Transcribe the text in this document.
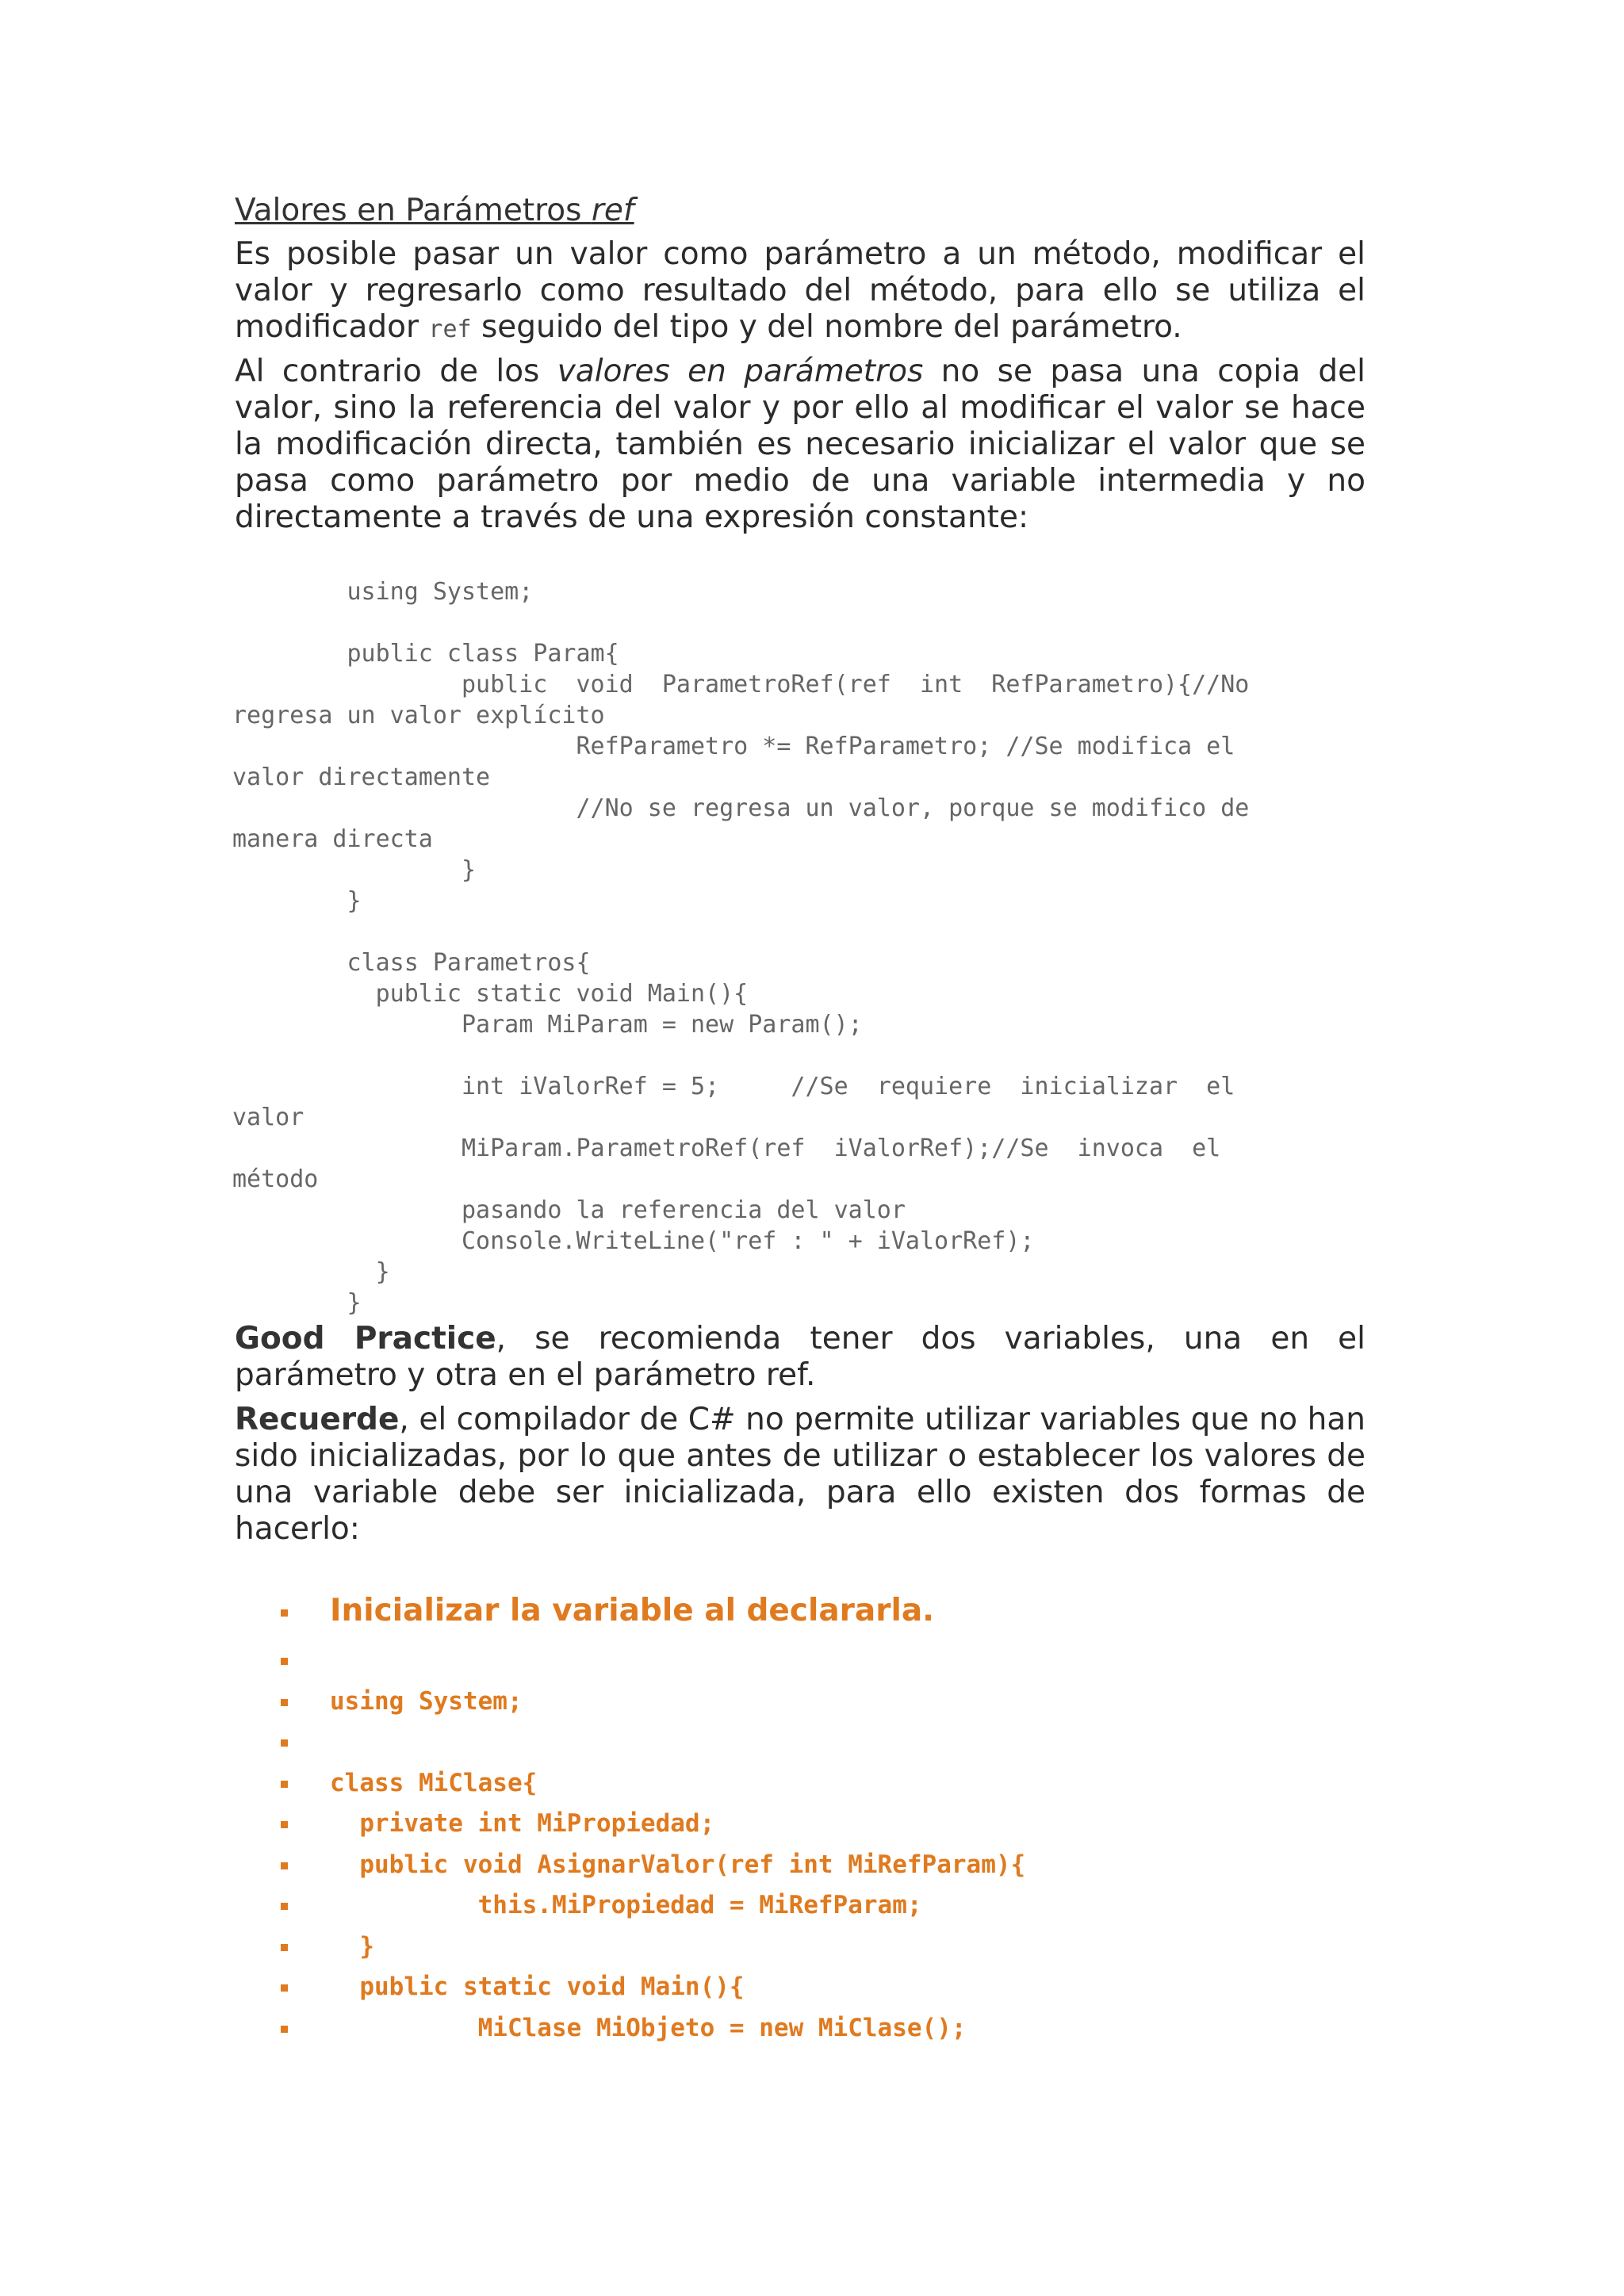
Valores en Parámetros ref
Es posible pasar un valor como parámetro a un método, modificar el valor y regresarlo como resultado del método, para ello se utiliza el modificador ref seguido del tipo y del nombre del parámetro.
Al contrario de los valores en parámetros no se pasa una copia del valor, sino la referencia del valor y por ello al modificar el valor se hace la modificación directa, también es necesario inicializar el valor que se pasa como parámetro por medio de una variable intermedia y no directamente a través de una expresión constante:
using System;

public class Param{
public  void  ParametroRef(ref  int  RefParametro){//No
regresa un valor explícito
RefParametro *= RefParametro; //Se modifica el
valor directamente
//No se regresa un valor, porque se modifico de
manera directa
}
}

class Parametros{
public static void Main(){
Param MiParam = new Param();

int iValorRef = 5;     //Se  requiere  inicializar  el
valor
MiParam.ParametroRef(ref  iValorRef);//Se  invoca  el
método
pasando la referencia del valor
Console.WriteLine("ref : " + iValorRef);
}
}
Good Practice, se recomienda tener dos variables, una en el parámetro y otra en el parámetro ref.
Recuerde, el compilador de C# no permite utilizar variables que no han sido inicializadas, por lo que antes de utilizar o establecer los valores de una variable debe ser inicializada, para ello existen dos formas de hacerlo:
Inicializar la variable al declararla.
using System;
class MiClase{
private int MiPropiedad;
public void AsignarValor(ref int MiRefParam){
this.MiPropiedad = MiRefParam;
}
public static void Main(){
MiClase MiObjeto = new MiClase();
